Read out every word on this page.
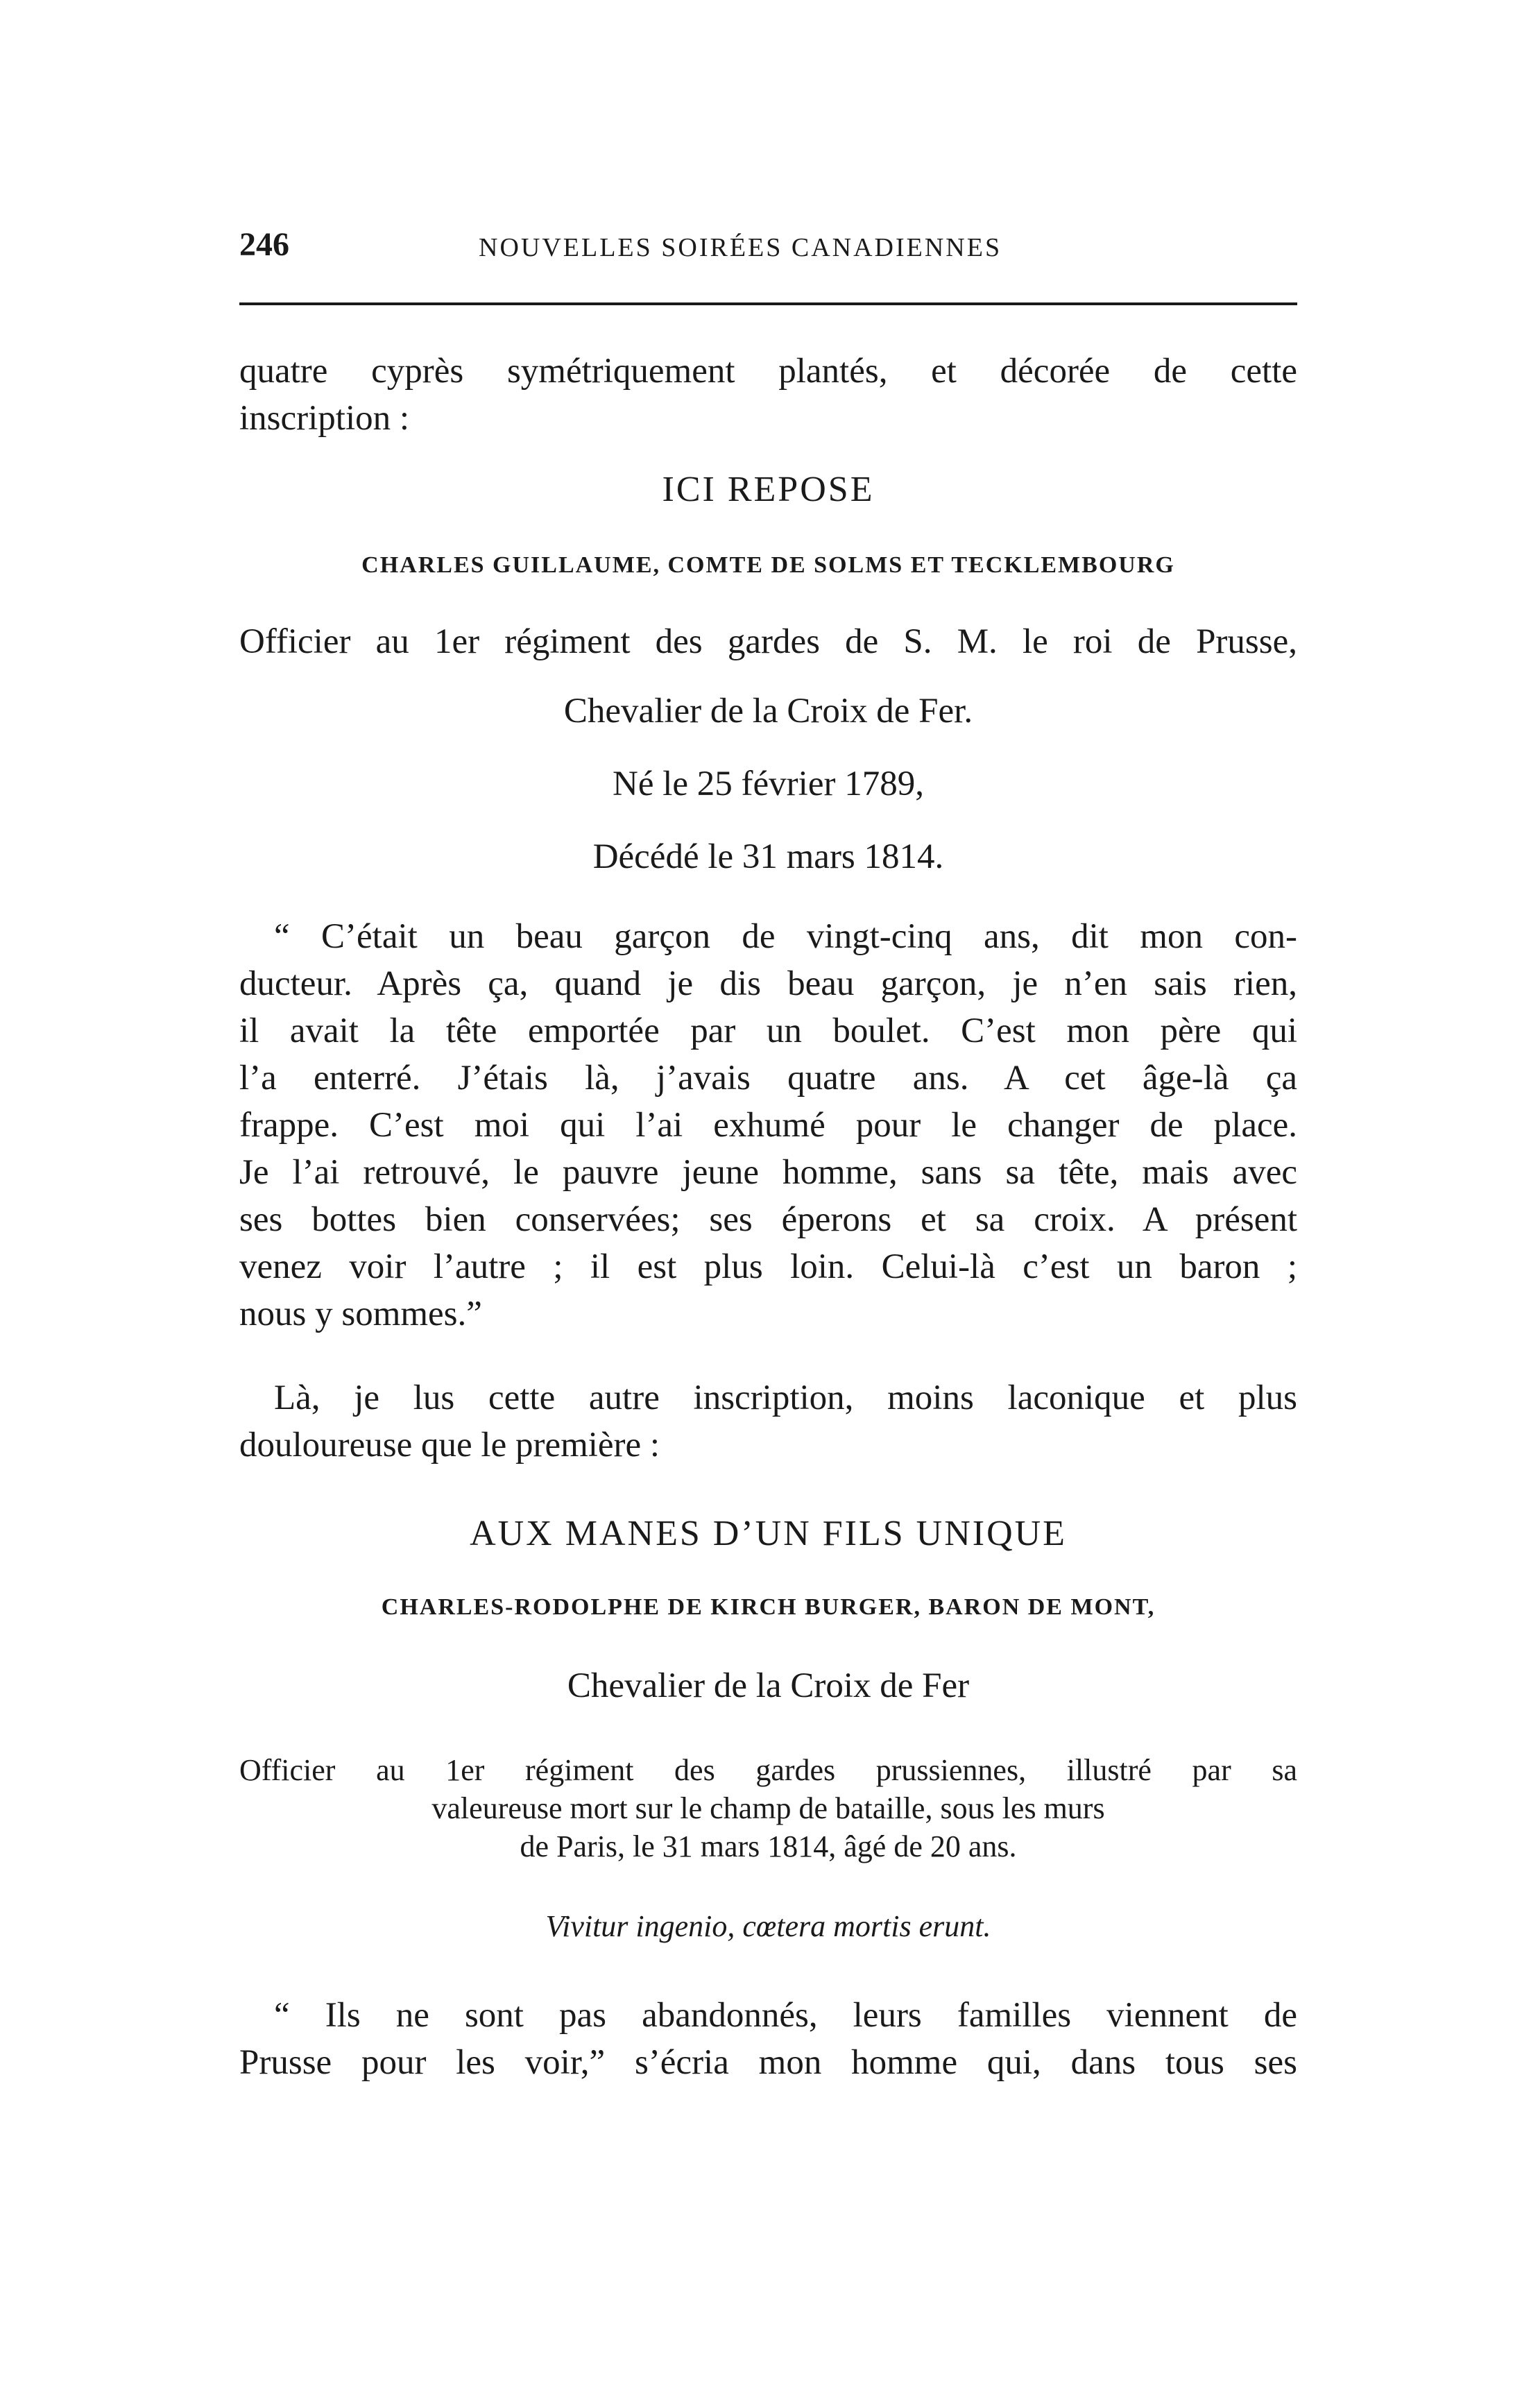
246	NOUVELLES SOIRÉES CANADIENNES
quatre cyprès symétriquement plantés, et décorée de cette
inscription :
ICI REPOSE
CHARLES GUILLAUME, COMTE DE SOLMS ET TECKLEMBOURG
Officier au 1er régiment des gardes de S. M. le roi de Prusse,
Chevalier de la Croix de Fer.
Né le 25 février 1789,
Décédé le 31 mars 1814.
“ C’était un beau garçon de vingt-cinq ans, dit mon con-
ducteur. Après ça, quand je dis beau garçon, je n’en sais rien,
il avait la tête emportée par un boulet. C’est mon père qui
l’a enterré. J’étais là, j’avais quatre ans. A cet âge-là ça
frappe. C’est moi qui l’ai exhumé pour le changer de place.
Je l’ai retrouvé, le pauvre jeune homme, sans sa tête, mais avec
ses bottes bien conservées; ses éperons et sa croix. A présent
venez voir l’autre ; il est plus loin. Celui-là c’est un baron ;
nous y sommes.”
Là, je lus cette autre inscription, moins laconique et plus
douloureuse que le première :
AUX MANES D’UN FILS UNIQUE
CHARLES-RODOLPHE DE KIRCH BURGER, BARON DE MONT,
Chevalier de la Croix de Fer
Officier au 1er régiment des gardes prussiennes, illustré par sa
valeureuse mort sur le champ de bataille, sous les murs
de Paris, le 31 mars 1814, âgé de 20 ans.
Vivitur ingenio, cœtera mortis erunt.
“ Ils ne sont pas abandonnés, leurs familles viennent de
Prusse pour les voir,” s’écria mon homme qui, dans tous ses
